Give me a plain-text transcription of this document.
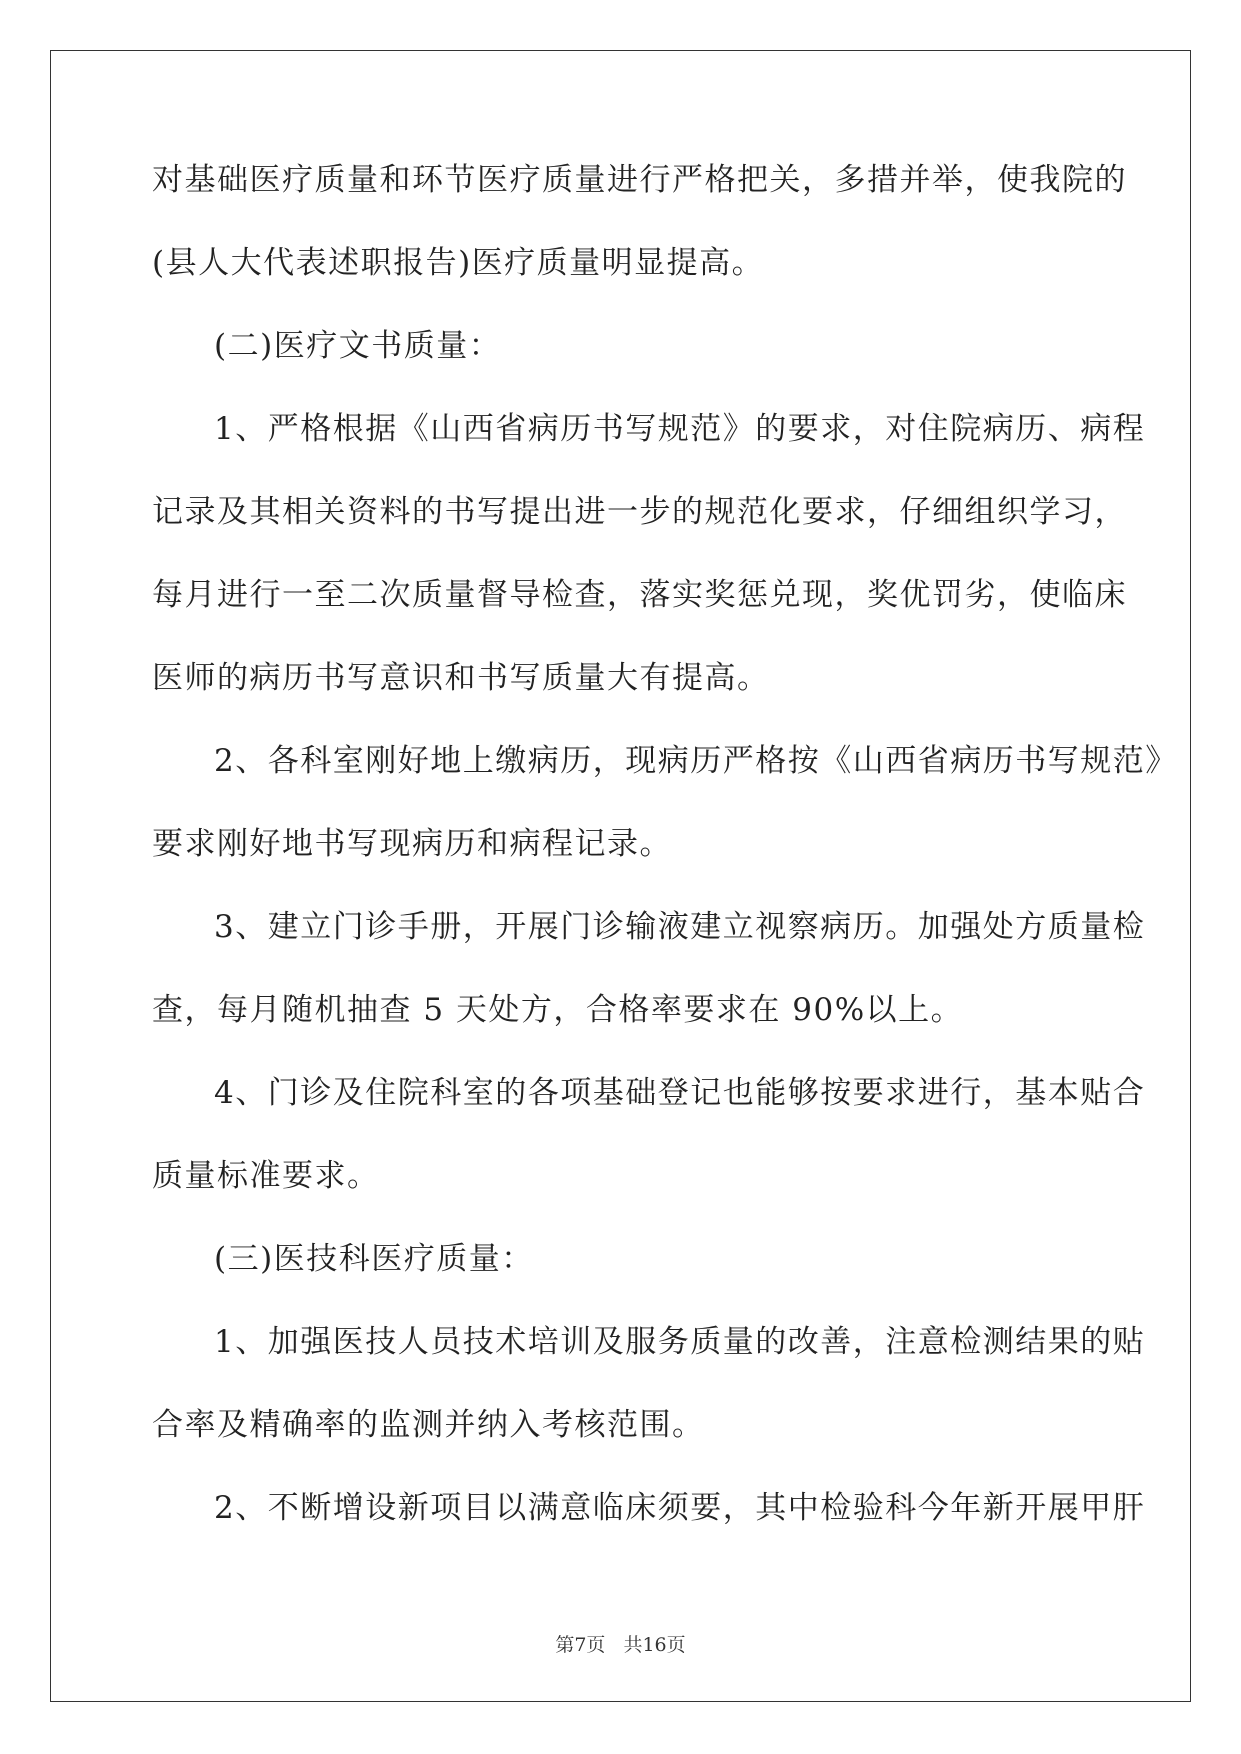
对基础医疗质量和环节医疗质量进行严格把关，多措并举，使我院的
(县人大代表述职报告)医疗质量明显提高。
(二)医疗文书质量：
1、严格根据《山西省病历书写规范》的要求，对住院病历、病程
记录及其相关资料的书写提出进一步的规范化要求，仔细组织学习，
每月进行一至二次质量督导检查，落实奖惩兑现，奖优罚劣，使临床
医师的病历书写意识和书写质量大有提高。
2、各科室刚好地上缴病历，现病历严格按《山西省病历书写规范》
要求刚好地书写现病历和病程记录。
3、建立门诊手册，开展门诊输液建立视察病历。加强处方质量检
查，每月随机抽查 5 天处方，合格率要求在 90%以上。
4、门诊及住院科室的各项基础登记也能够按要求进行，基本贴合
质量标准要求。
(三)医技科医疗质量：
1、加强医技人员技术培训及服务质量的改善，注意检测结果的贴
合率及精确率的监测并纳入考核范围。
2、不断增设新项目以满意临床须要，其中检验科今年新开展甲肝
第7页 共16页
